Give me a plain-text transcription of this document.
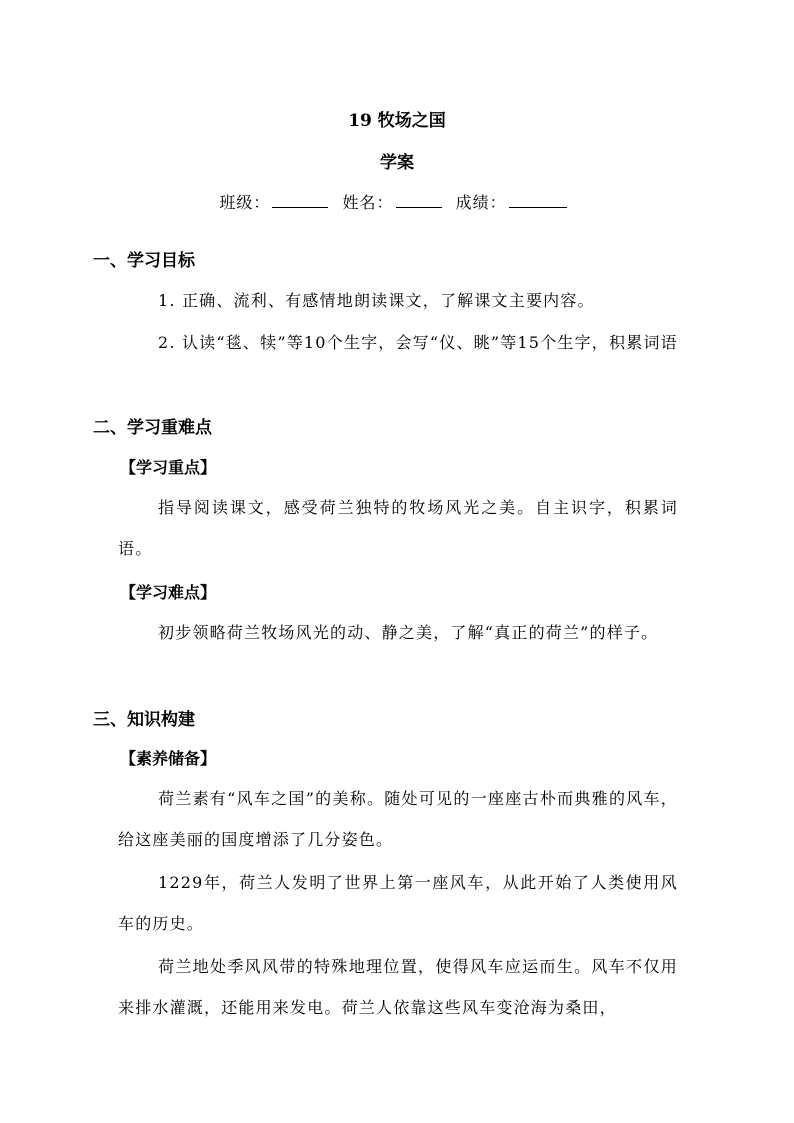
19 牧场之国
学案
班级：	姓名：	成绩：
一、学习目标
1. 正确、流利、有感情地朗读课文，了解课文主要内容。
2. 认读“毯、犊”等10个生字，会写“仪、眺”等15个生字，积累词语
二、学习重难点
【学习重点】
指导阅读课文，感受荷兰独特的牧场风光之美。自主识字，积累词语。
【学习难点】
初步领略荷兰牧场风光的动、静之美，了解“真正的荷兰”的样子。
三、知识构建
【素养储备】
荷兰素有“风车之国”的美称。随处可见的一座座古朴而典雅的风车，给这座美丽的国度增添了几分姿色。
1229年，荷兰人发明了世界上第一座风车，从此开始了人类使用风车的历史。
荷兰地处季风风带的特殊地理位置，使得风车应运而生。风车不仅用来排水灌溉，还能用来发电。荷兰人依靠这些风车变沧海为桑田，
